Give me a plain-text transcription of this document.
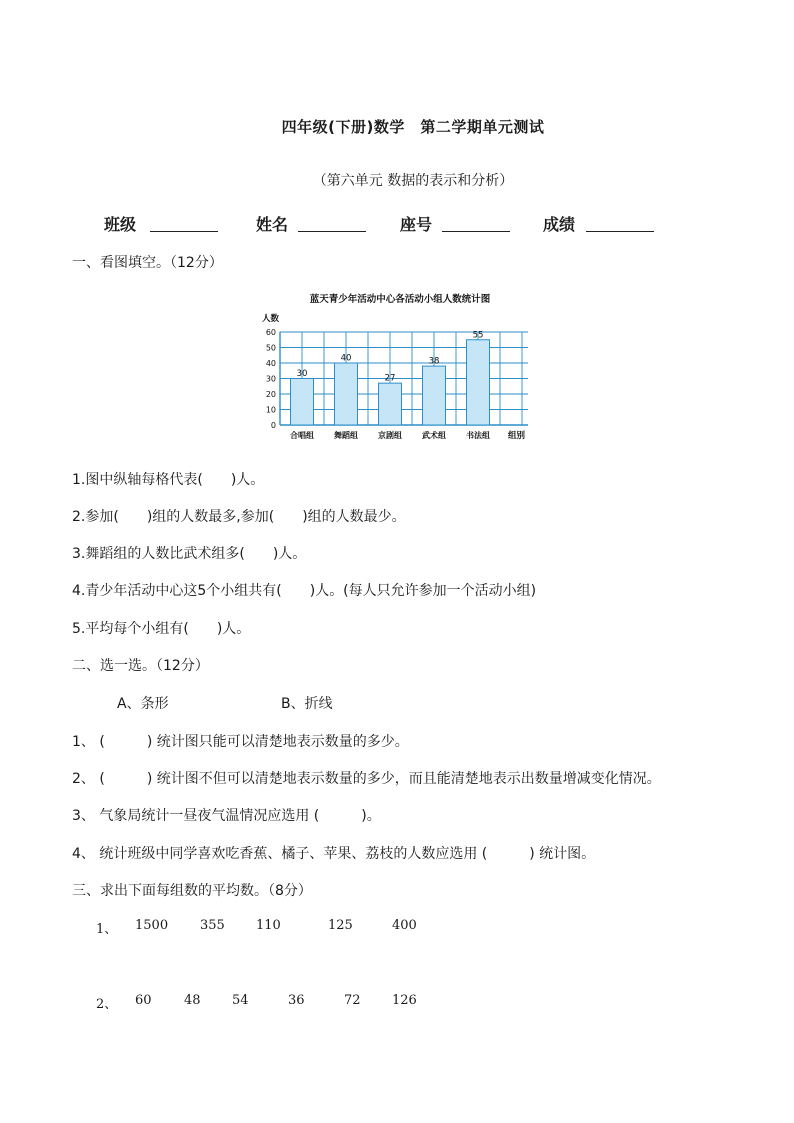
四年级(下册)数学　第二学期单元测试
（第六单元 数据的表示和分析）
班级	姓名	座号	成绩
一、看图填空。（12分）
蓝天青少年活动中心各活动小组人数统计图
人数
30
40
27
38
55
0
10
20
30
40
50
60
合唱组	舞蹈组	京剧组	武术组	书法组 组别
1.图中纵轴每格代表(　　)人。
2.参加(　　)组的人数最多,参加(　　)组的人数最少。
3.舞蹈组的人数比武术组多(　　)人。
4.青少年活动中心这5个小组共有(　　)人。(每人只允许参加一个活动小组)
5.平均每个小组有(　　)人。
二、选一选。（12分）
A、条形	B、折线
1、 (　　　) 统计图只能可以清楚地表示数量的多少。
2、 (　　　) 统计图不但可以清楚地表示数量的多少，而且能清楚地表示出数量增减变化情况。
3、 气象局统计一昼夜气温情况应选用 (　　　)。
4、 统计班级中同学喜欢吃香蕉、橘子、苹果、荔枝的人数应选用 (　　　) 统计图。
三、求出下面每组数的平均数。（8分）
1、 1500 355 110	125	400
2、 60 48 54	36	72 126
